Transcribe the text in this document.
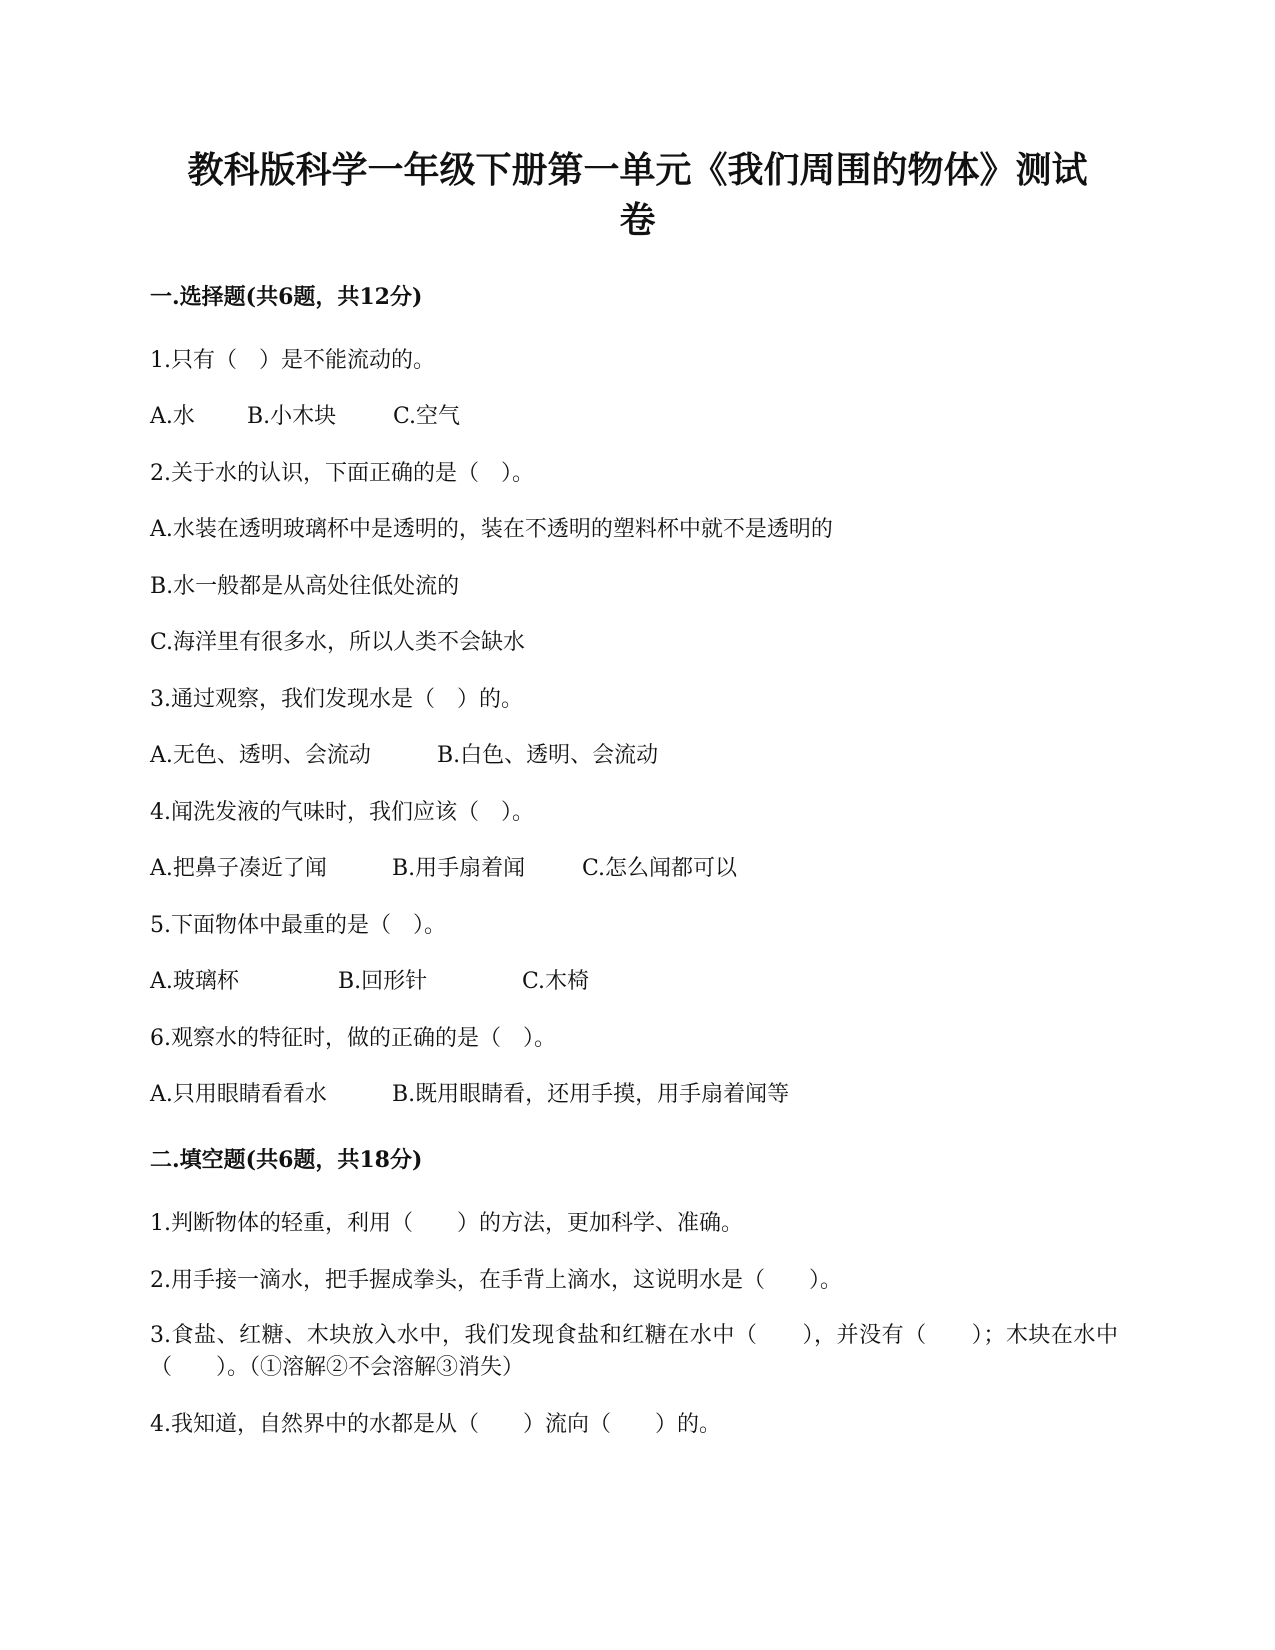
教科版科学一年级下册第一单元《我们周围的物体》测试
卷
一.选择题(共6题，共12分)

1.只有（　）是不能流动的。

A.水 B.小木块	C.空气

2.关于水的认识，下面正确的是（　）。

A.水装在透明玻璃杯中是透明的，装在不透明的塑料杯中就不是透明的

B.水一般都是从高处往低处流的

C.海洋里有很多水，所以人类不会缺水

3.通过观察，我们发现水是（　）的。

A.无色、透明、会流动	B.白色、透明、会流动

4.闻洗发液的气味时，我们应该（　）。

A.把鼻子凑近了闻	B.用手扇着闻	C.怎么闻都可以

5.下面物体中最重的是（　）。

A.玻璃杯	B.回形针	C.木椅

6.观察水的特征时，做的正确的是（　）。

A.只用眼睛看看水	B.既用眼睛看，还用手摸，用手扇着闻等

二.填空题(共6题，共18分)

1.判断物体的轻重，利用（　　）的方法，更加科学、准确。

2.用手接一滴水，把手握成拳头，在手背上滴水，这说明水是（　　）。

3.食盐、红糖、木块放入水中，我们发现食盐和红糖在水中（　　），并没有（　　）；木块在水中（　　）。（①溶解②不会溶解③消失）

4.我知道，自然界中的水都是从（　　）流向（　　）的。
